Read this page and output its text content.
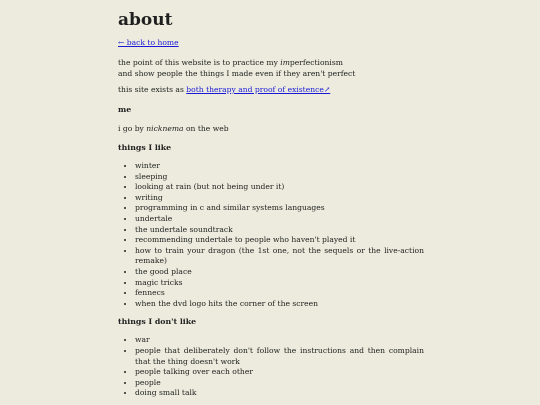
about
← back to home

the point of this website is to practice my imperfectionism
and show people the things I made even if they aren't perfect

this site exists as both therapy and proof of existence↗

me

i go by nicknema on the web

things I like
• winter
• sleeping
• looking at rain (but not being under it)
• writing
• programming in c and similar systems languages
• undertale
• the undertale soundtrack
• recommending undertale to people who haven't played it
• how to train your dragon (the 1st one, not the sequels or the live-action remake)
• the good place
• magic tricks
• fennecs
• when the dvd logo hits the corner of the screen
things I don't like
• war
• people that deliberately don't follow the instructions and then complain that the thing doesn't work
• people talking over each other
• people
• doing small talk
